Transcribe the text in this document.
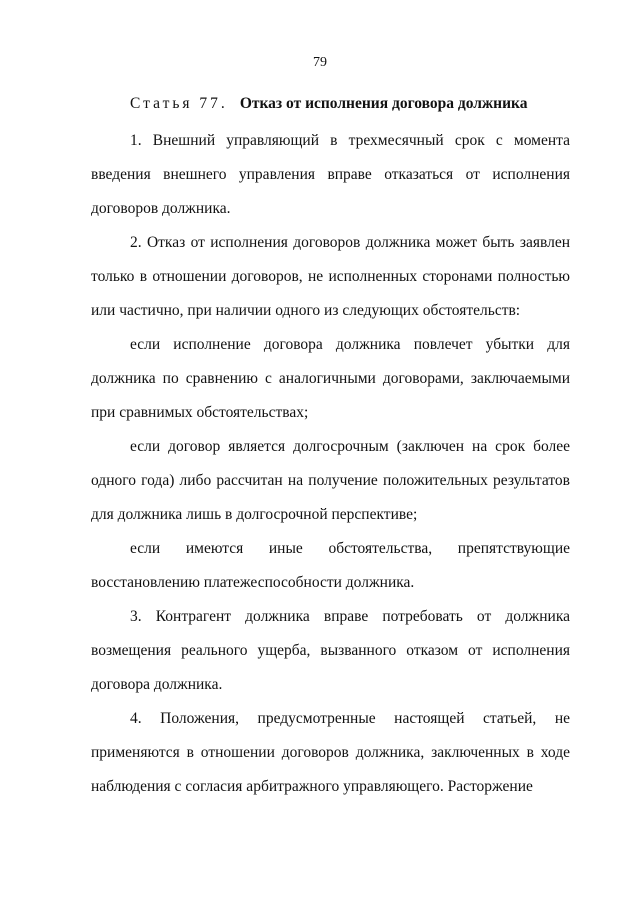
79
Статья 77. Отказ от исполнения договора должника

1. Внешний управляющий в трехмесячный срок с момента введения внешнего управления вправе отказаться от исполнения договоров должника.

2. Отказ от исполнения договоров должника может быть заявлен только в отношении договоров, не исполненных сторонами полностью или частично, при наличии одного из следующих обстоятельств:

если исполнение договора должника повлечет убытки для должника по сравнению с аналогичными договорами, заключаемыми при сравнимых обстоятельствах;

если договор является долгосрочным (заключен на срок более одного года) либо рассчитан на получение положительных результатов для должника лишь в долгосрочной перспективе;

если имеются иные обстоятельства, препятствующие восстановлению платежеспособности должника.

3. Контрагент должника вправе потребовать от должника возмещения реального ущерба, вызванного отказом от исполнения договора должника.

4. Положения, предусмотренные настоящей статьей, не применяются в отношении договоров должника, заключенных в ходе наблюдения с согласия арбитражного управляющего. Расторжение
